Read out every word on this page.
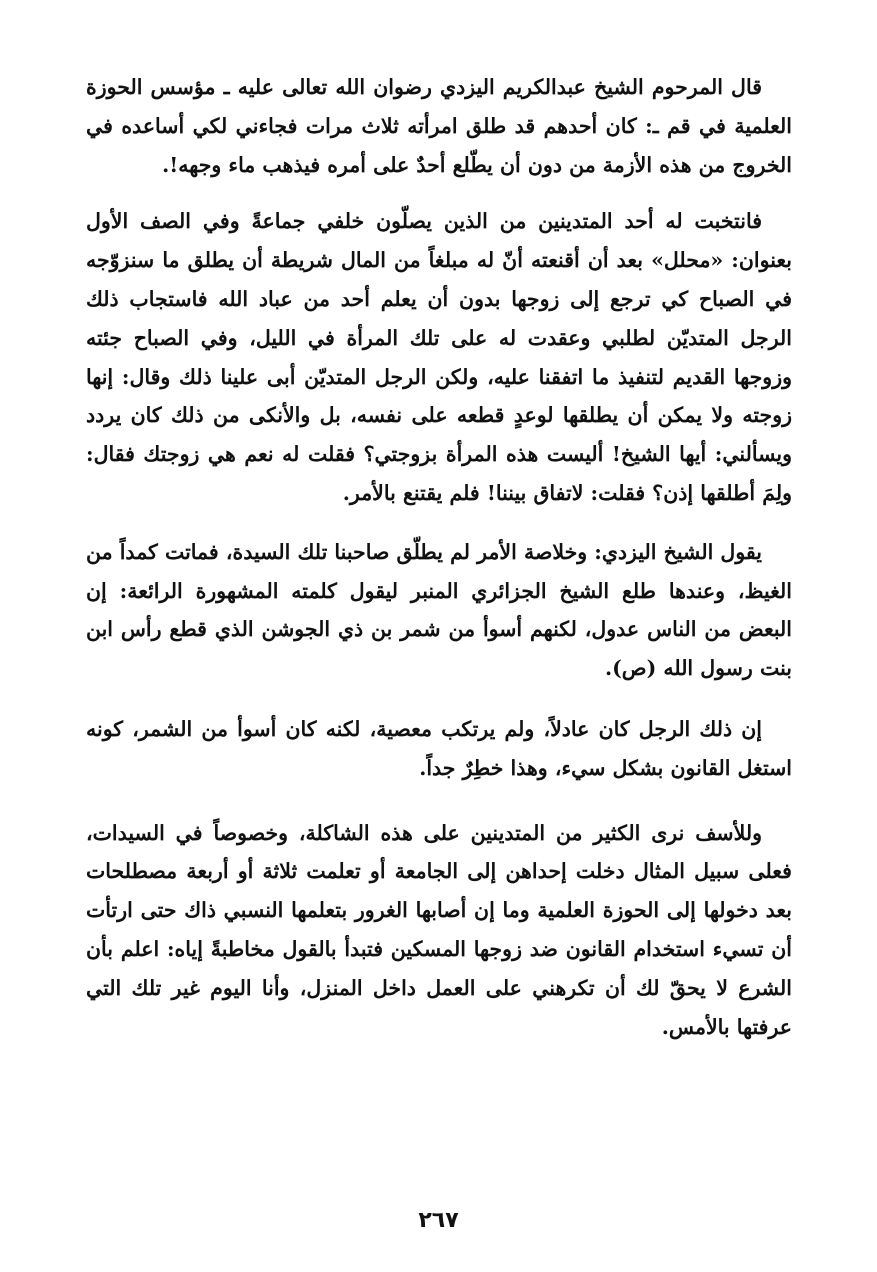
قال المرحوم الشيخ عبدالكريم اليزدي رضوان الله تعالى عليه ـ مؤسس الحوزة العلمية في قم ـ: كان أحدهم قد طلق امرأته ثلاث مرات فجاءني لكي أساعده في الخروج من هذه الأزمة من دون أن يطّلع أحدٌ على أمره فيذهب ماء وجهه!.

فانتخبت له أحد المتدينين من الذين يصلّون خلفي جماعةً وفي الصف الأول بعنوان: «محلل» بعد أن أقنعته أنّ له مبلغاً من المال شريطة أن يطلق ما سنزوّجه في الصباح كي ترجع إلى زوجها بدون أن يعلم أحد من عباد الله فاستجاب ذلك الرجل المتديّن لطلبي وعقدت له على تلك المرأة في الليل، وفي الصباح جئته وزوجها القديم لتنفيذ ما اتفقنا عليه، ولكن الرجل المتديّن أبى علينا ذلك وقال: إنها زوجته ولا يمكن أن يطلقها لوعدٍ قطعه على نفسه، بل والأنكى من ذلك كان يردد ويسألني: أيها الشيخ! أليست هذه المرأة بزوجتي؟ فقلت له نعم هي زوجتك فقال: ولِمَ أطلقها إذن؟ فقلت: لاتفاق بيننا! فلم يقتنع بالأمر.

يقول الشيخ اليزدي: وخلاصة الأمر لم يطلّق صاحبنا تلك السيدة، فماتت كمداً من الغيظ، وعندها طلع الشيخ الجزائري المنبر ليقول كلمته المشهورة الرائعة: إن البعض من الناس عدول، لكنهم أسوأ من شمر بن ذي الجوشن الذي قطع رأس ابن بنت رسول الله (ص).

إن ذلك الرجل كان عادلاً، ولم يرتكب معصية، لكنه كان أسوأ من الشمر، كونه استغل القانون بشكل سيء، وهذا خطِرٌ جداً.

وللأسف نرى الكثير من المتدينين على هذه الشاكلة، وخصوصاً في السيدات، فعلى سبيل المثال دخلت إحداهن إلى الجامعة أو تعلمت ثلاثة أو أربعة مصطلحات بعد دخولها إلى الحوزة العلمية وما إن أصابها الغرور بتعلمها النسبي ذاك حتى ارتأت أن تسيء استخدام القانون ضد زوجها المسكين فتبدأ بالقول مخاطبةً إياه: اعلم بأن الشرع لا يحقّ لك أن تكرهني على العمل داخل المنزل، وأنا اليوم غير تلك التي عرفتها بالأمس.

٢٦٧
